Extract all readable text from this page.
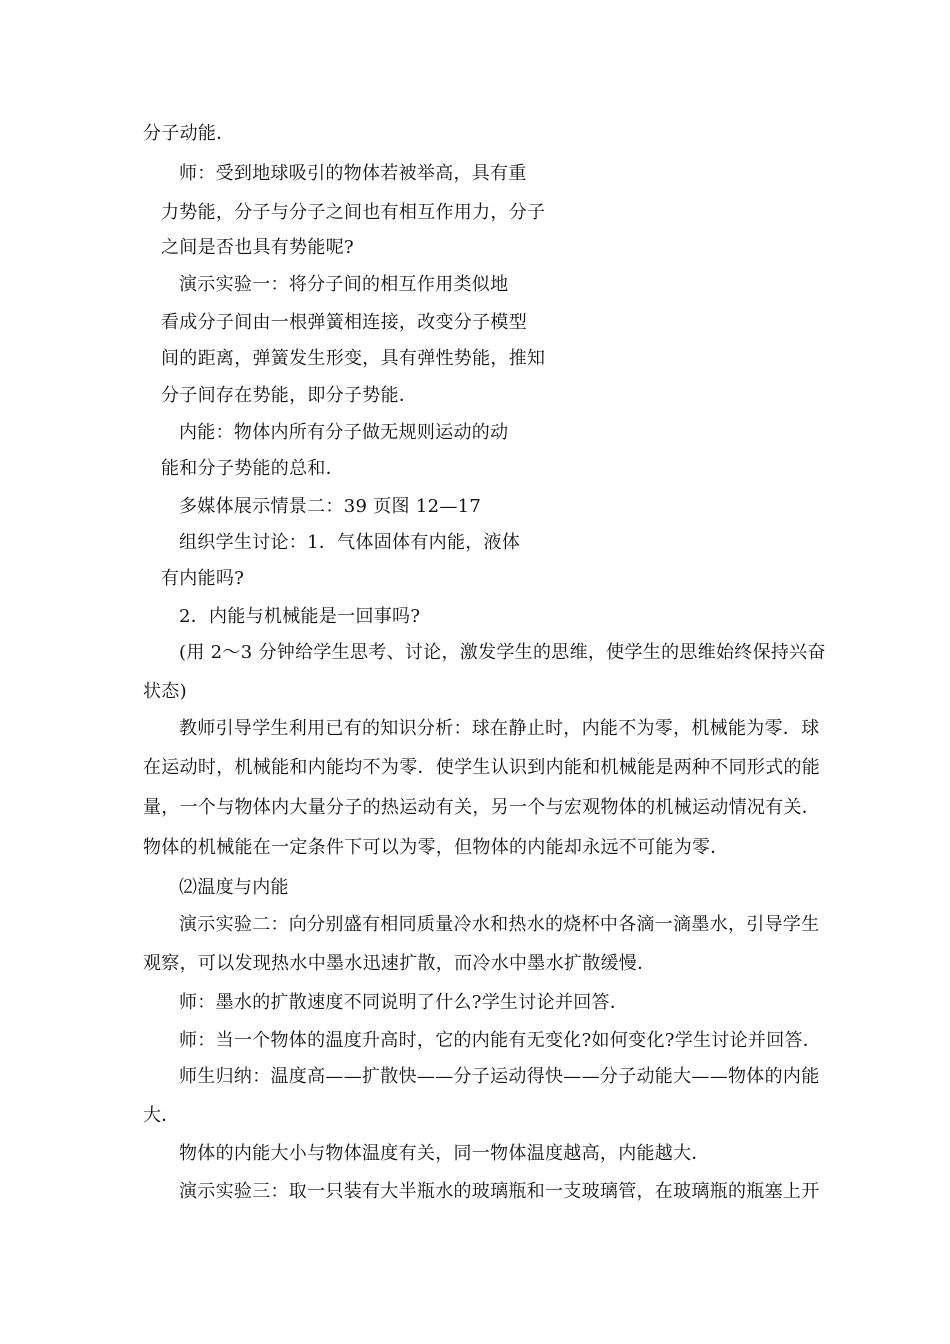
分子动能．
师：受到地球吸引的物体若被举高，具有重
力势能，分子与分子之间也有相互作用力，分子
之间是否也具有势能呢?
演示实验一：将分子间的相互作用类似地
看成分子间由一根弹簧相连接，改变分子模型
间的距离，弹簧发生形变，具有弹性势能，推知
分子间存在势能，即分子势能．
内能：物体内所有分子做无规则运动的动
能和分子势能的总和．
多媒体展示情景二：39 页图 12—17
组织学生讨论：1．气体固体有内能，液体
有内能吗?
2．内能与机械能是一回事吗?
(用 2～3 分钟给学生思考、讨论，激发学生的思维，使学生的思维始终保持兴奋
状态)
教师引导学生利用已有的知识分析：球在静止时，内能不为零，机械能为零．球
在运动时，机械能和内能均不为零．使学生认识到内能和机械能是两种不同形式的能
量，一个与物体内大量分子的热运动有关，另一个与宏观物体的机械运动情况有关．
物体的机械能在一定条件下可以为零，但物体的内能却永远不可能为零．
⑵温度与内能
演示实验二：向分别盛有相同质量冷水和热水的烧杯中各滴一滴墨水，引导学生
观察，可以发现热水中墨水迅速扩散，而冷水中墨水扩散缓慢．
师：墨水的扩散速度不同说明了什么?学生讨论并回答．
师：当一个物体的温度升高时，它的内能有无变化?如何变化?学生讨论并回答．
师生归纳：温度高——扩散快——分子运动得快——分子动能大——物体的内能
大．
物体的内能大小与物体温度有关，同一物体温度越高，内能越大．
演示实验三：取一只装有大半瓶水的玻璃瓶和一支玻璃管，在玻璃瓶的瓶塞上开
